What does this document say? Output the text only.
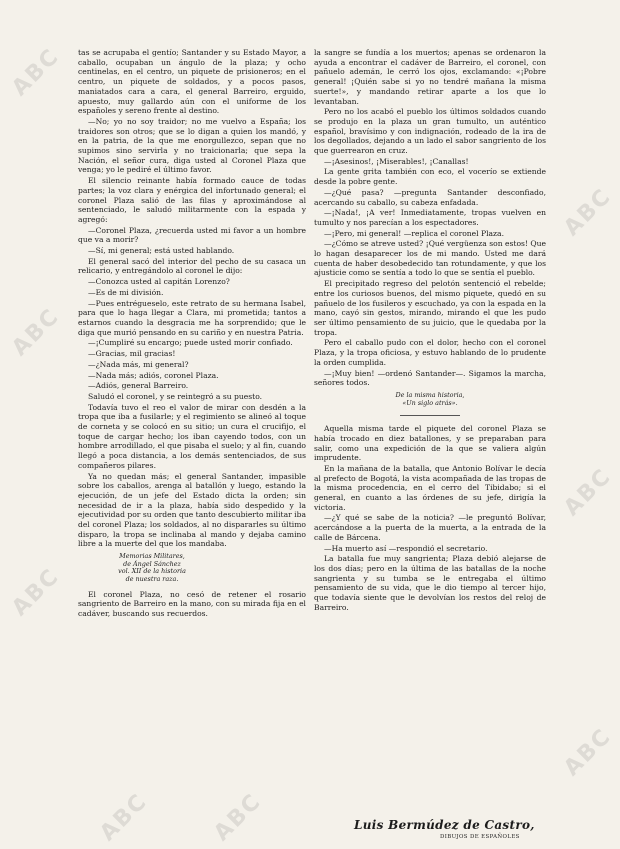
ABC
ABC
ABC
ABC
ABC
ABC
ABC	ABC

tas se acrupaba el gentío; Santander y su Estado Mayor, a caballo, ocupaban un ángulo de la plaza; y ocho centinelas, en el centro, un piquete de prisioneros; en el centro, un piquete de soldados, y a pocos pasos, maniatados cara a cara, el general Barreiro, erguido, apuesto, muy gallardo aún con el uniforme de los españoles y sereno frente al destino.

—No; yo no soy traidor; no me vuelvo a España; los traidores son otros; que se lo digan a quien los mandó, y en la patria, de la que me enorgullezco, sepan que no supimos sino servirla y no traicionarla; que sepa la Nación, el señor cura, diga usted al Coronel Plaza que venga; yo le pediré el último favor.

El silencio reinante había formado cauce de todas partes; la voz clara y enérgica del infortunado general; el coronel Plaza salió de las filas y aproximándose al sentenciado, le saludó militarmente con la espada y agregó:

—Coronel Plaza, ¿recuerda usted mi favor a un hombre que va a morir?

—Sí, mi general; está usted hablando.

El general sacó del interior del pecho de su casaca un relicario, y entregándolo al coronel le dijo:

—Conozca usted al capitán Lorenzo?

—Es de mi división.

—Pues entrégueselo, este retrato de su hermana Isabel, para que lo haga llegar a Clara, mi prometida; tantos a estarnos cuando la desgracia me ha sorprendido; que le diga que murió pensando en su cariño y en nuestra Patria.

—¡Cumpliré su encargo; puede usted morir confiado.

—Gracias, mil gracias!

—¿Nada más, mi general?

—Nada más; adiós, coronel Plaza.

—Adiós, general Barreiro.

Saludó el coronel, y se reintegró a su puesto.

Todavía tuvo el reo el valor de mirar con desdén a la tropa que iba a fusilarle; y el regimiento se alineó al toque de corneta y se colocó en su sitio; un cura el crucifijo, el toque de cargar hecho; los iban cayendo todos, con un hombre arrodillado, el que pisaba el suelo; y al fin, cuando llegó a poca distancia, a los demás sentenciados, de sus compañeros pilares.

Ya no quedan más; el general Santander, impasible sobre los caballos, arenga al batallón y luego, estando la ejecución, de un jefe del Estado dicta la orden; sin necesidad de ir a la plaza, había sido despedido y la ejecutividad por su orden que tanto descubierto militar iba del coronel Plaza; los soldados, al no dispararles su último disparo, la tropa se inclinaba al mando y dejaba camino libre a la muerte del que los mandaba.

Memorias Militares,
de Ángel Sánchez
vol. XII de la historia
de nuestra raza.

El coronel Plaza, no cesó de retener el rosario sangriento de Barreiro en la mano, con su mirada fija en el cadáver, buscando sus recuerdos.

la sangre se fundía a los muertos; apenas se ordenaron la ayuda a encontrar el cadáver de Barreiro, el coronel, con pañuelo ademán, le cerró los ojos, exclamando: «¡Pobre general! ¡Quién sabe si yo no tendré mañana la misma suerte!», y mandando retirar aparte a los que lo levantaban.

Pero no los acabó el pueblo los últimos soldados cuando se produjo en la plaza un gran tumulto, un auténtico español, bravísimo y con indignación, rodeado de la ira de los degollados, dejando a un lado el sabor sangriento de los que guerrearon en cruz.

—¡Asesinos!, ¡Miserables!, ¡Canallas!

La gente grita también con eco, el vocerío se extiende desde la pobre gente.

—¿Qué pasa? —pregunta Santander desconfiado, acercando su caballo, su cabeza enfadada.

—¡Nada!, ¡A ver! Inmediatamente, tropas vuelven en tumulto y nos parecían a los espectadores.

—¡Pero, mi general! —replica el coronel Plaza.

—¿Cómo se atreve usted? ¡Qué vergüenza son estos! Que lo hagan desaparecer los de mi mando. Usted me dará cuenta de haber desobedecido tan rotundamente, y que los ajusticie como se sentía a todo lo que se sentía el pueblo.

El precipitado regreso del pelotón sentenció el rebelde; entre los curiosos buenos, del mismo piquete, quedó en su pañuelo de los fusileros y escuchado, ya con la espada en la mano, cayó sin gestos, mirando, mirando el que les pudo ser último pensamiento de su juicio, que le quedaba por la tropa.

Pero el caballo pudo con el dolor, hecho con el coronel Plaza, y la tropa oficiosa, y estuvo hablando de lo prudente la orden cumplida.

—¡Muy bien! —ordenó Santander—. Sigamos la marcha, señores todos.

De la misma historia,
«Un siglo atrás».

Aquella misma tarde el piquete del coronel Plaza se había trocado en diez batallones, y se preparaban para salir, como una expedición de la que se valiera algún imprudente.

En la mañana de la batalla, que Antonio Bolívar le decía al prefecto de Bogotá, la vista acompañada de las tropas de la misma procedencia, en el cerro del Tibidabo; si el general, en cuanto a las órdenes de su jefe, dirigía la victoria.

—¿Y qué se sabe de la noticia? —le preguntó Bolívar, acercándose a la puerta de la muerta, a la entrada de la calle de Bárcena.

—Ha muerto así —respondió el secretario.

La batalla fue muy sangrienta; Plaza debió alejarse de los dos días; pero en la última de las batallas de la noche sangrienta y su tumba se le entregaba el último pensamiento de su vida, que le dio tiempo al tercer hijo, que todavía siente que le devolvían los restos del reloj de Barreiro.

Luis Bermúdez de Castro,
DIBUJOS DE ESPAÑOLES
